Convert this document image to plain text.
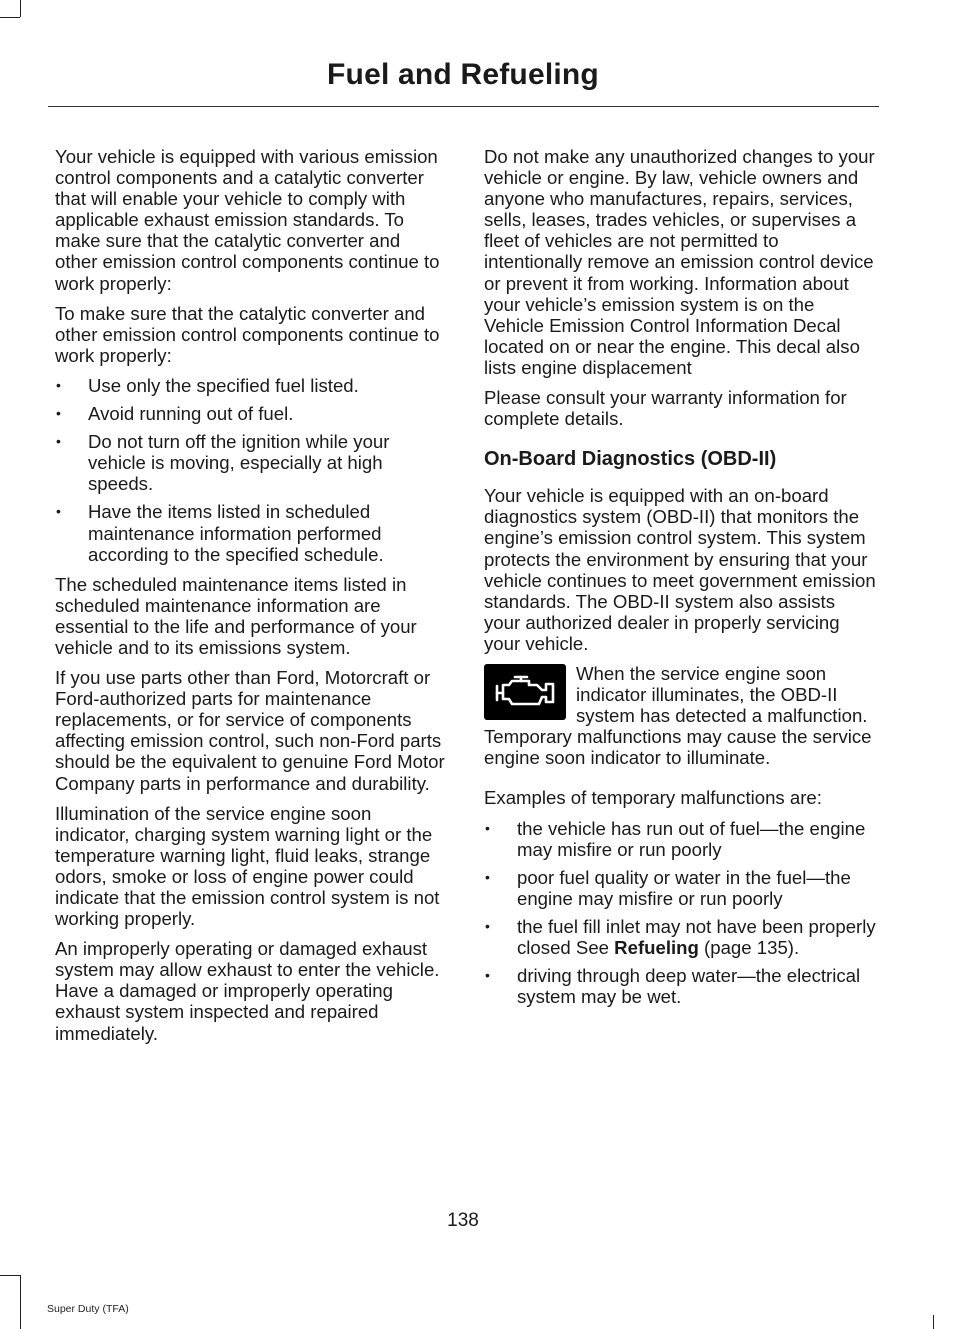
Fuel and Refueling

Your vehicle is equipped with various emission control components and a catalytic converter that will enable your vehicle to comply with applicable exhaust emission standards. To make sure that the catalytic converter and other emission control components continue to work properly:

To make sure that the catalytic converter and other emission control components continue to work properly:

• Use only the specified fuel listed.
• Avoid running out of fuel.
• Do not turn off the ignition while your vehicle is moving, especially at high speeds.
• Have the items listed in scheduled maintenance information performed according to the specified schedule.

The scheduled maintenance items listed in scheduled maintenance information are essential to the life and performance of your vehicle and to its emissions system.

If you use parts other than Ford, Motorcraft or Ford-authorized parts for maintenance replacements, or for service of components affecting emission control, such non-Ford parts should be the equivalent to genuine Ford Motor Company parts in performance and durability.

Illumination of the service engine soon indicator, charging system warning light or the temperature warning light, fluid leaks, strange odors, smoke or loss of engine power could indicate that the emission control system is not working properly.

An improperly operating or damaged exhaust system may allow exhaust to enter the vehicle. Have a damaged or improperly operating exhaust system inspected and repaired immediately.

Do not make any unauthorized changes to your vehicle or engine. By law, vehicle owners and anyone who manufactures, repairs, services, sells, leases, trades vehicles, or supervises a fleet of vehicles are not permitted to intentionally remove an emission control device or prevent it from working. Information about your vehicle’s emission system is on the Vehicle Emission Control Information Decal located on or near the engine. This decal also lists engine displacement

Please consult your warranty information for complete details.

On-Board Diagnostics (OBD-II)

Your vehicle is equipped with an on-board diagnostics system (OBD-II) that monitors the engine’s emission control system. This system protects the environment by ensuring that your vehicle continues to meet government emission standards. The OBD-II system also assists your authorized dealer in properly servicing your vehicle.

When the service engine soon indicator illuminates, the OBD-II system has detected a malfunction. Temporary malfunctions may cause the service engine soon indicator to illuminate.

Examples of temporary malfunctions are:

• the vehicle has run out of fuel—the engine may misfire or run poorly
• poor fuel quality or water in the fuel—the engine may misfire or run poorly
• the fuel fill inlet may not have been properly closed See Refueling (page 135).
• driving through deep water—the electrical system may be wet.
138
Super Duty (TFA)
